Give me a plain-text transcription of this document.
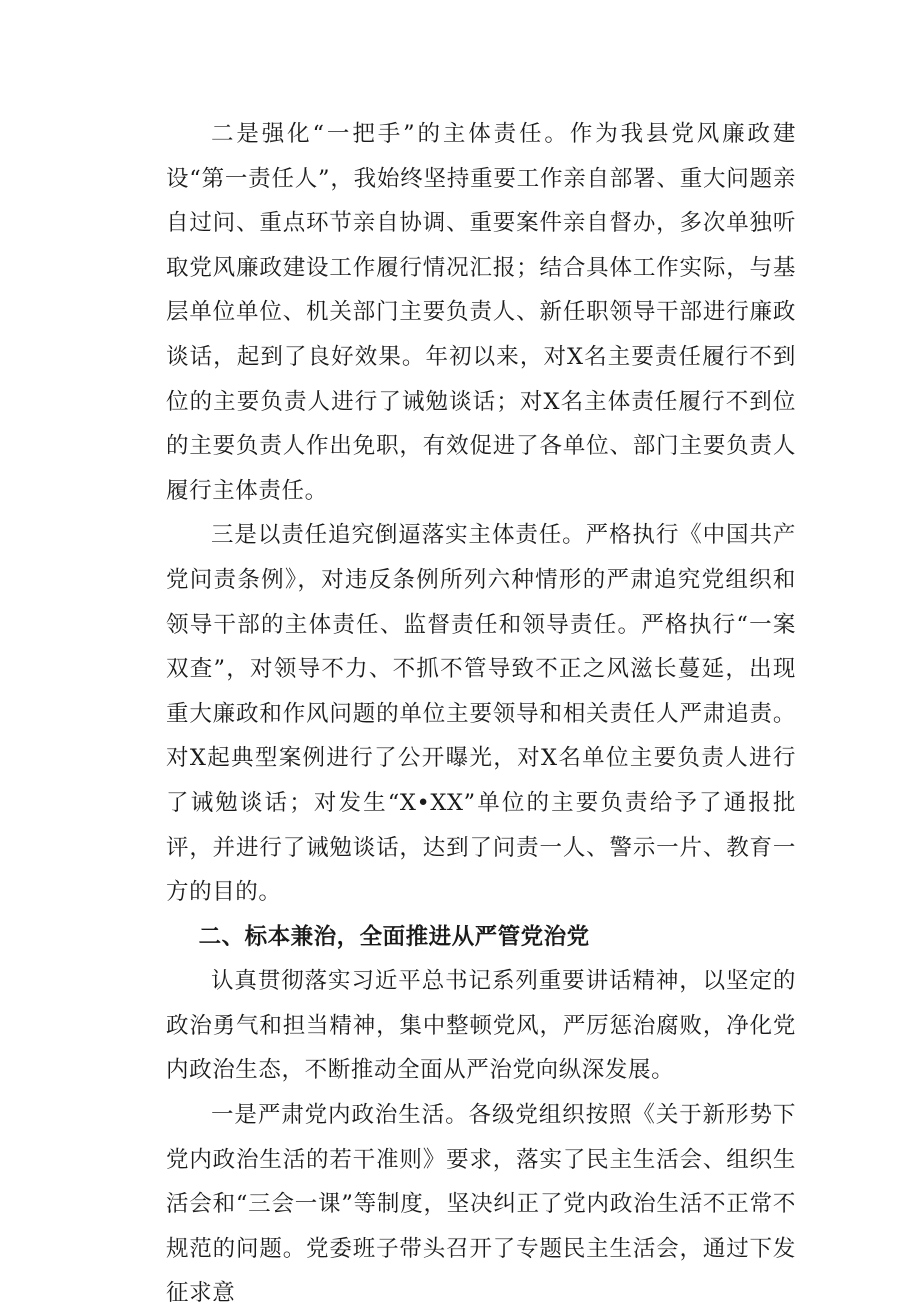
二是强化“一把手”的主体责任。作为我县党风廉政建设“第一责任人”，我始终坚持重要工作亲自部署、重大问题亲自过问、重点环节亲自协调、重要案件亲自督办，多次单独听取党风廉政建设工作履行情况汇报；结合具体工作实际，与基层单位单位、机关部门主要负责人、新任职领导干部进行廉政谈话，起到了良好效果。年初以来，对X名主要责任履行不到位的主要负责人进行了诫勉谈话；对X名主体责任履行不到位的主要负责人作出免职，有效促进了各单位、部门主要负责人履行主体责任。

三是以责任追究倒逼落实主体责任。严格执行《中国共产党问责条例》，对违反条例所列六种情形的严肃追究党组织和领导干部的主体责任、监督责任和领导责任。严格执行“一案双查”，对领导不力、不抓不管导致不正之风滋长蔓延，出现重大廉政和作风问题的单位主要领导和相关责任人严肃追责。对X起典型案例进行了公开曝光，对X名单位主要负责人进行了诫勉谈话；对发生“X•XX”单位的主要负责给予了通报批评，并进行了诫勉谈话，达到了问责一人、警示一片、教育一方的目的。

二、标本兼治，全面推进从严管党治党

认真贯彻落实习近平总书记系列重要讲话精神，以坚定的政治勇气和担当精神，集中整顿党风，严厉惩治腐败，净化党内政治生态，不断推动全面从严治党向纵深发展。

一是严肃党内政治生活。各级党组织按照《关于新形势下党内政治生活的若干准则》要求，落实了民主生活会、组织生活会和“三会一课”等制度，坚决纠正了党内政治生活不正常不规范的问题。党委班子带头召开了专题民主生活会，通过下发征求意
